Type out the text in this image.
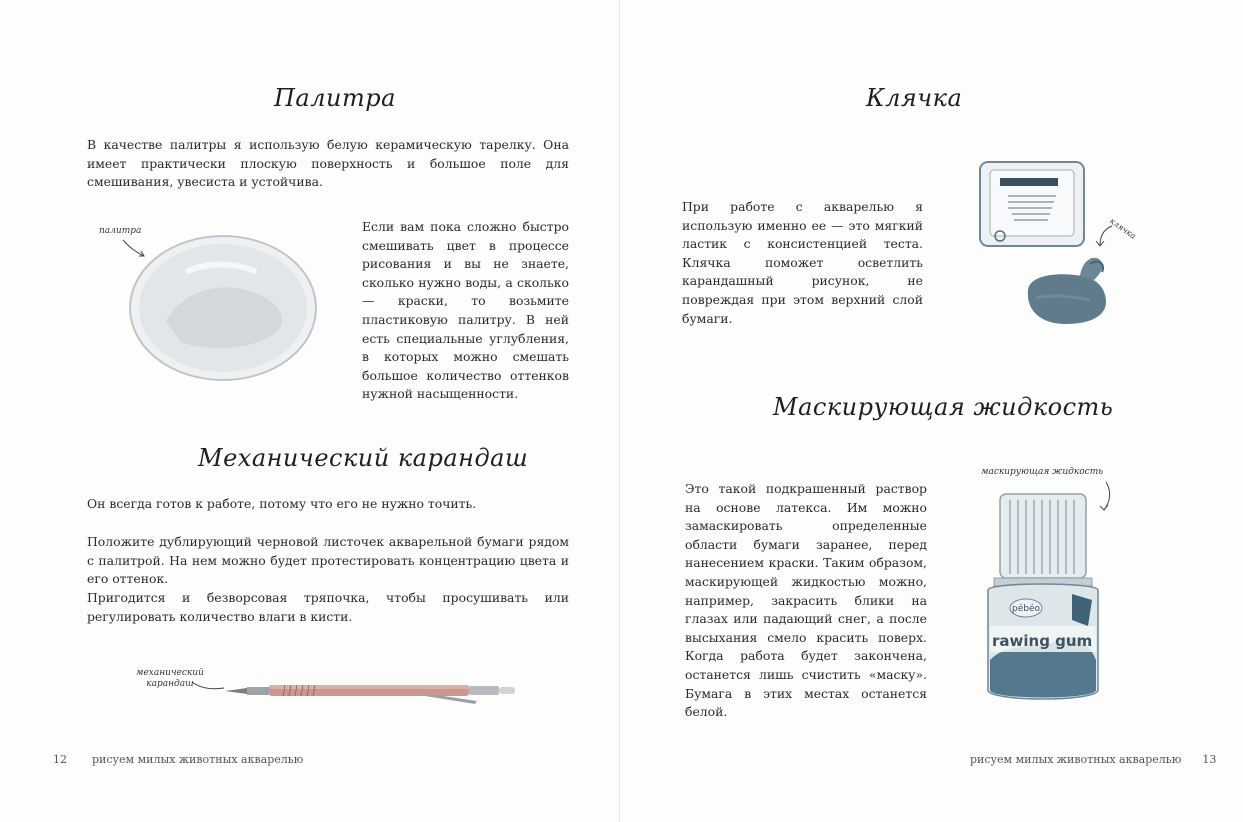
Палитра

В качестве палитры я использую белую керамическую тарелку. Она имеет практически плоскую поверхность и большое поле для смешивания, увесиста и устойчива.

палитра	Если вам пока сложно быстро смешивать цвет в процессе рисования и вы не знаете, сколько нужно воды, а сколько — краски, то возьмите пластиковую палитру. В ней есть специальные углубления, в которых можно смешать большое количество оттенков нужной насыщенности.

Механический карандаш

Он всегда готов к работе, потому что его не нужно точить.

Положите дублирующий черновой листочек акварельной бумаги рядом с палитрой. На нем можно будет протестировать концентрацию цвета и его оттенок.

Пригодится и безворсовая тряпочка, чтобы просушивать или регулировать количество влаги в кисти.

механический
карандаш
12 рисуем милых животных акварелью
Клячка

При работе с акварелью я использую именно ее — это мягкий ластик с консистенцией теста. Клячка поможет осветлить карандашный рисунок, не повреждая при этом верхний слой бумаги.

клячка
Маскирующая жидкость

Это такой подкрашенный раствор на основе латекса. Им можно замаскировать определенные области бумаги заранее, перед нанесением краски. Таким образом, маскирующей жидкостью можно, например, закрасить блики на глазах или падающий снег, а после высыхания смело красить поверх. Когда работа будет закончена, останется лишь счистить «маску». Бумага в этих местах останется белой.

маскирующая жидкость
pébéo
rawing gum
рисуем милых животных акварелью 13
